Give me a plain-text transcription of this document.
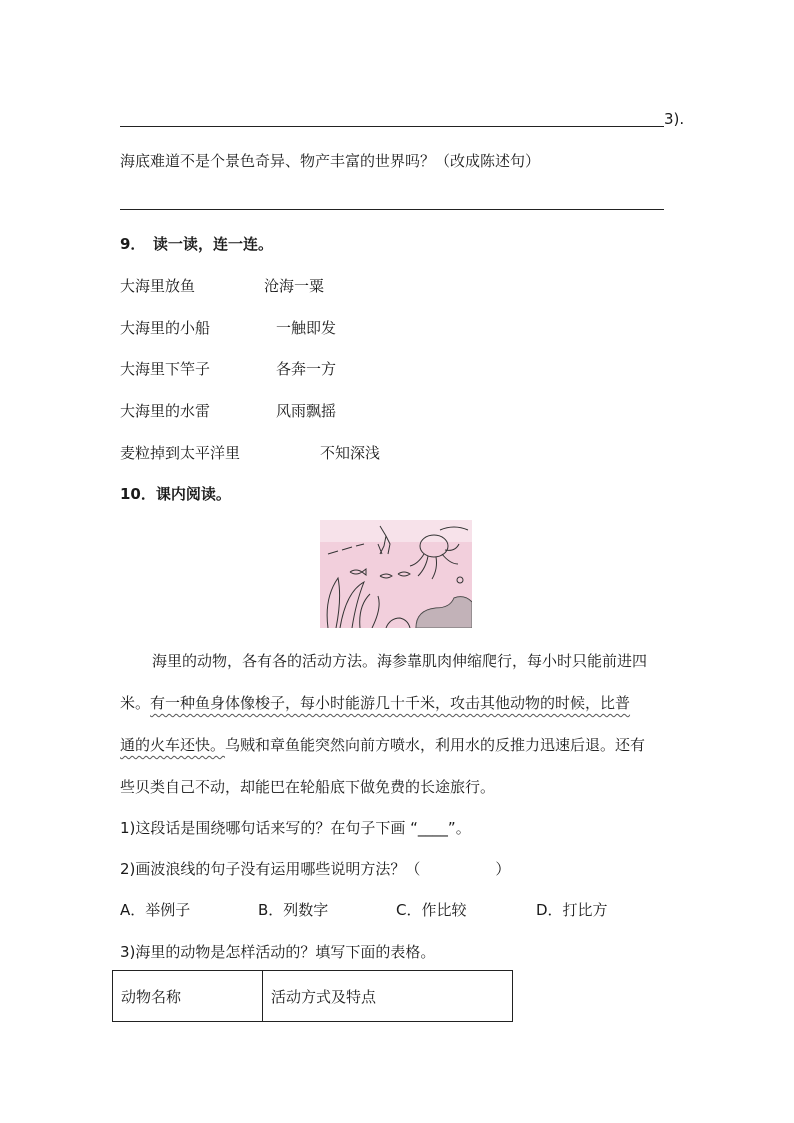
3).
海底难道不是个景色奇异、物产丰富的世界吗？（改成陈述句）
9．　读一读，连一连。
大海里放鱼	沧海一粟
大海里的小船	一触即发
大海里下竿子	各奔一方
大海里的水雷	风雨飘摇
麦粒掉到太平洋里	不知深浅
10．课内阅读。
海里的动物，各有各的活动方法。海参靠肌肉伸缩爬行，每小时只能前进四
米。有一种鱼身体像梭子，每小时能游几十千米，攻击其他动物的时候，比普
通的火车还快。乌贼和章鱼能突然向前方喷水，利用水的反推力迅速后退。还有
些贝类自己不动，却能巴在轮船底下做免费的长途旅行。
1)这段话是围绕哪句话来写的？在句子下画 “____”。
2)画波浪线的句子没有运用哪些说明方法？（　　　　　）
A．举例子	B．列数字	C．作比较	D．打比方
3)海里的动物是怎样活动的？填写下面的表格。
动物名称	活动方式及特点
